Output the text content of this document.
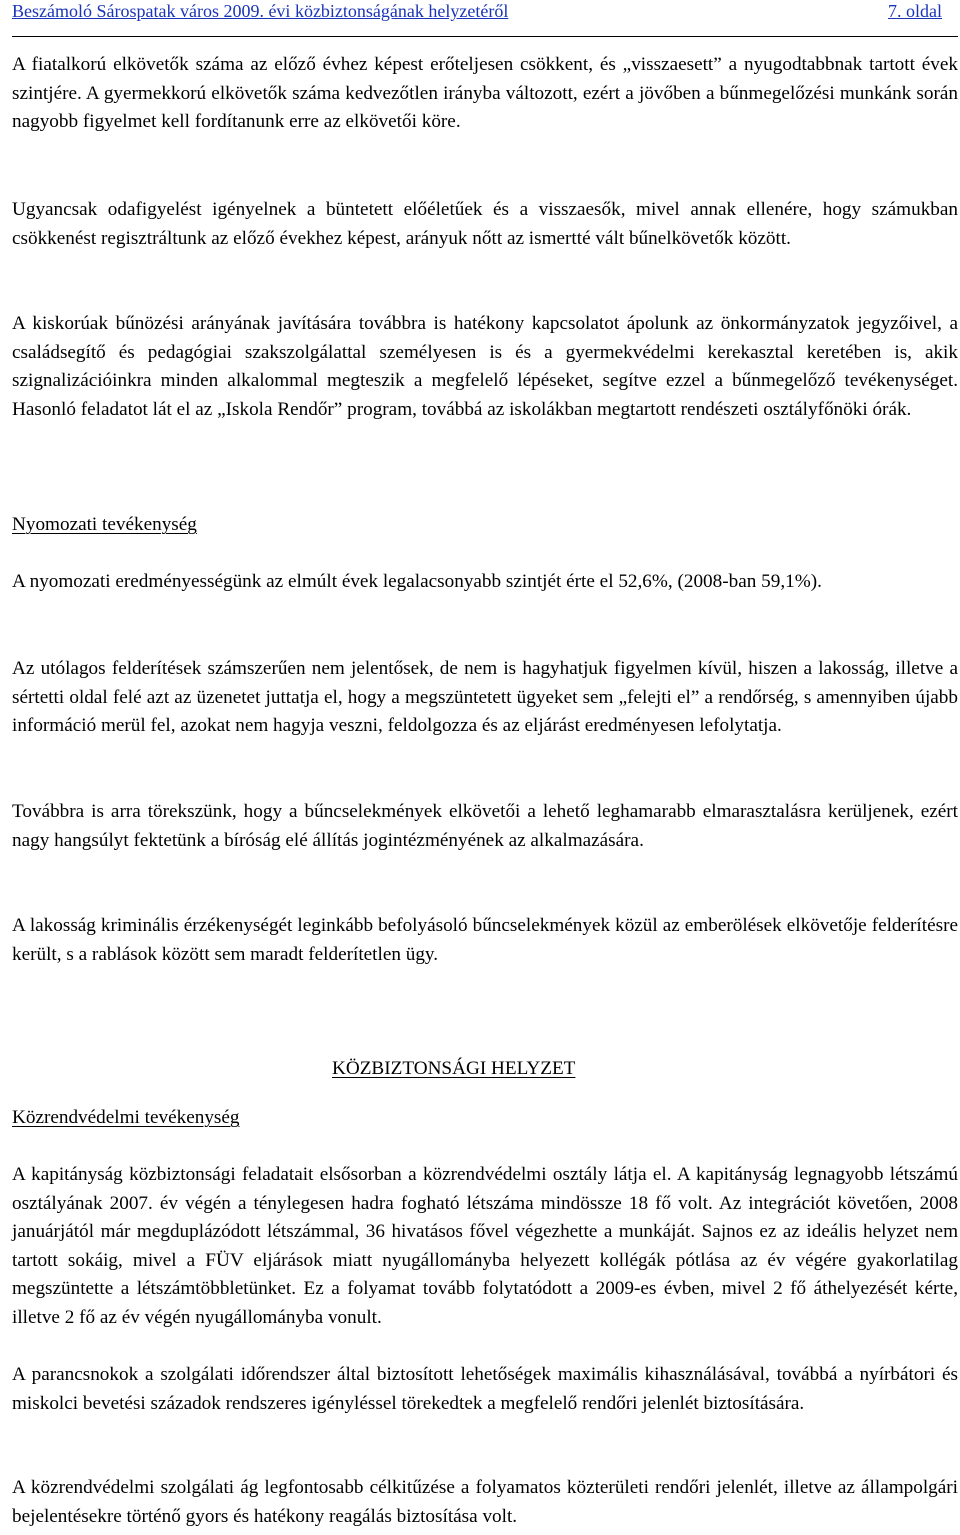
Beszámoló Sárospatak város 2009. évi közbiztonságának helyzetéről	7. oldal

A fiatalkorú elkövetők száma az előző évhez képest erőteljesen csökkent, és „visszaesett” a nyugodtabbnak tartott évek szintjére. A gyermekkorú elkövetők száma kedvezőtlen irányba változott, ezért a jövőben a bűnmegelőzési munkánk során nagyobb figyelmet kell fordítanunk erre az elkövetői köre.

Ugyancsak odafigyelést igényelnek a büntetett előéletűek és a visszaesők, mivel annak ellenére, hogy számukban csökkenést regisztráltunk az előző évekhez képest, arányuk nőtt az ismertté vált bűnelkövetők között.

A kiskorúak bűnözési arányának javítására továbbra is hatékony kapcsolatot ápolunk az önkormányzatok jegyzőivel, a családsegítő és pedagógiai szakszolgálattal személyesen is és a gyermekvédelmi kerekasztal keretében is, akik szignalizációinkra minden alkalommal megteszik a megfelelő lépéseket, segítve ezzel a bűnmegelőző tevékenységet. Hasonló feladatot lát el az „Iskola Rendőr” program, továbbá az iskolákban megtartott rendészeti osztályfőnöki órák.

Nyomozati tevékenység

A nyomozati eredményességünk az elmúlt évek legalacsonyabb szintjét érte el 52,6%, (2008-ban 59,1%).

Az utólagos felderítések számszerűen nem jelentősek, de nem is hagyhatjuk figyelmen kívül, hiszen a lakosság, illetve a sértetti oldal felé azt az üzenetet juttatja el, hogy a megszüntetett ügyeket sem „felejti el” a rendőrség, s amennyiben újabb információ merül fel, azokat nem hagyja veszni, feldolgozza és az eljárást eredményesen lefolytatja.

Továbbra is arra törekszünk, hogy a bűncselekmények elkövetői a lehető leghamarabb elmarasztalásra kerüljenek, ezért nagy hangsúlyt fektetünk a bíróság elé állítás jogintézményének az alkalmazására.

A lakosság kriminális érzékenységét leginkább befolyásoló bűncselekmények közül az emberölések elkövetője felderítésre került, s a rablások között sem maradt felderítetlen ügy.

KÖZBIZTONSÁGI HELYZET
Közrendvédelmi tevékenység

A kapitányság közbiztonsági feladatait elsősorban a közrendvédelmi osztály látja el. A kapitányság legnagyobb létszámú osztályának 2007. év végén a ténylegesen hadra fogható létszáma mindössze 18 fő volt. Az integrációt követően, 2008 januárjától már megduplázódott létszámmal, 36 hivatásos fővel végezhette a munkáját. Sajnos ez az ideális helyzet nem tartott sokáig, mivel a FÜV eljárások miatt nyugállományba helyezett kollégák pótlása az év végére gyakorlatilag megszüntette a létszámtöbbletünket. Ez a folyamat tovább folytatódott a 2009-es évben, mivel 2 fő áthelyezését kérte, illetve 2 fő az év végén nyugállományba vonult.

A parancsnokok a szolgálati időrendszer által biztosított lehetőségek maximális kihasználásával, továbbá a nyírbátori és miskolci bevetési századok rendszeres igényléssel törekedtek a megfelelő rendőri jelenlét biztosítására.

A közrendvédelmi szolgálati ág legfontosabb célkitűzése a folyamatos közterületi rendőri jelenlét, illetve az állampolgári bejelentésekre történő gyors és hatékony reagálás biztosítása volt.
